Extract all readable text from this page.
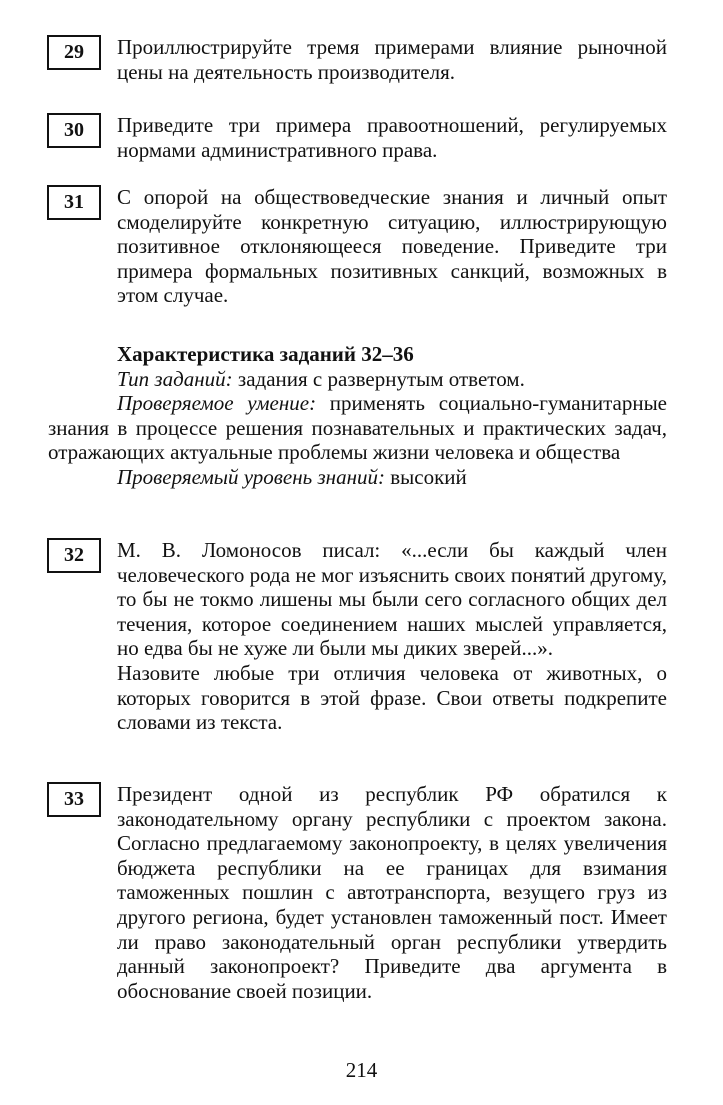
29 Проиллюстрируйте тремя примерами влияние рыночной цены на деятельность производителя.

30 Приведите три примера правоотношений, регулируемых нормами административного права.

31 С опорой на обществоведческие знания и личный опыт смоделируйте конкретную ситуацию, иллюстрирующую позитивное отклоняющееся поведение. Приведите три примера формальных позитивных санкций, возможных в этом случае.

Характеристика заданий 32–36
Тип заданий: задания с развернутым ответом.
Проверяемое умение: применять социально-гуманитарные знания в процессе решения познавательных и практических задач, отражающих актуальные проблемы жизни человека и общества
Проверяемый уровень знаний: высокий
32 М. В. Ломоносов писал: «...если бы каждый член человеческого рода не мог изъяснить своих понятий другому, то бы не токмо лишены мы были сего согласного общих дел течения, которое соединением наших мыслей управляется, но едва бы не хуже ли были мы диких зверей...».

Назовите любые три отличия человека от животных, о которых говорится в этой фразе. Свои ответы подкрепите словами из текста.

33 Президент одной из республик РФ обратился к законодательному органу республики с проектом закона. Согласно предлагаемому законопроекту, в целях увеличения бюджета республики на ее границах для взимания таможенных пошлин с автотранспорта, везущего груз из другого региона, будет установлен таможенный пост. Имеет ли право законодательный орган республики утвердить данный законопроект? Приведите два аргумента в обоснование своей позиции.

214
